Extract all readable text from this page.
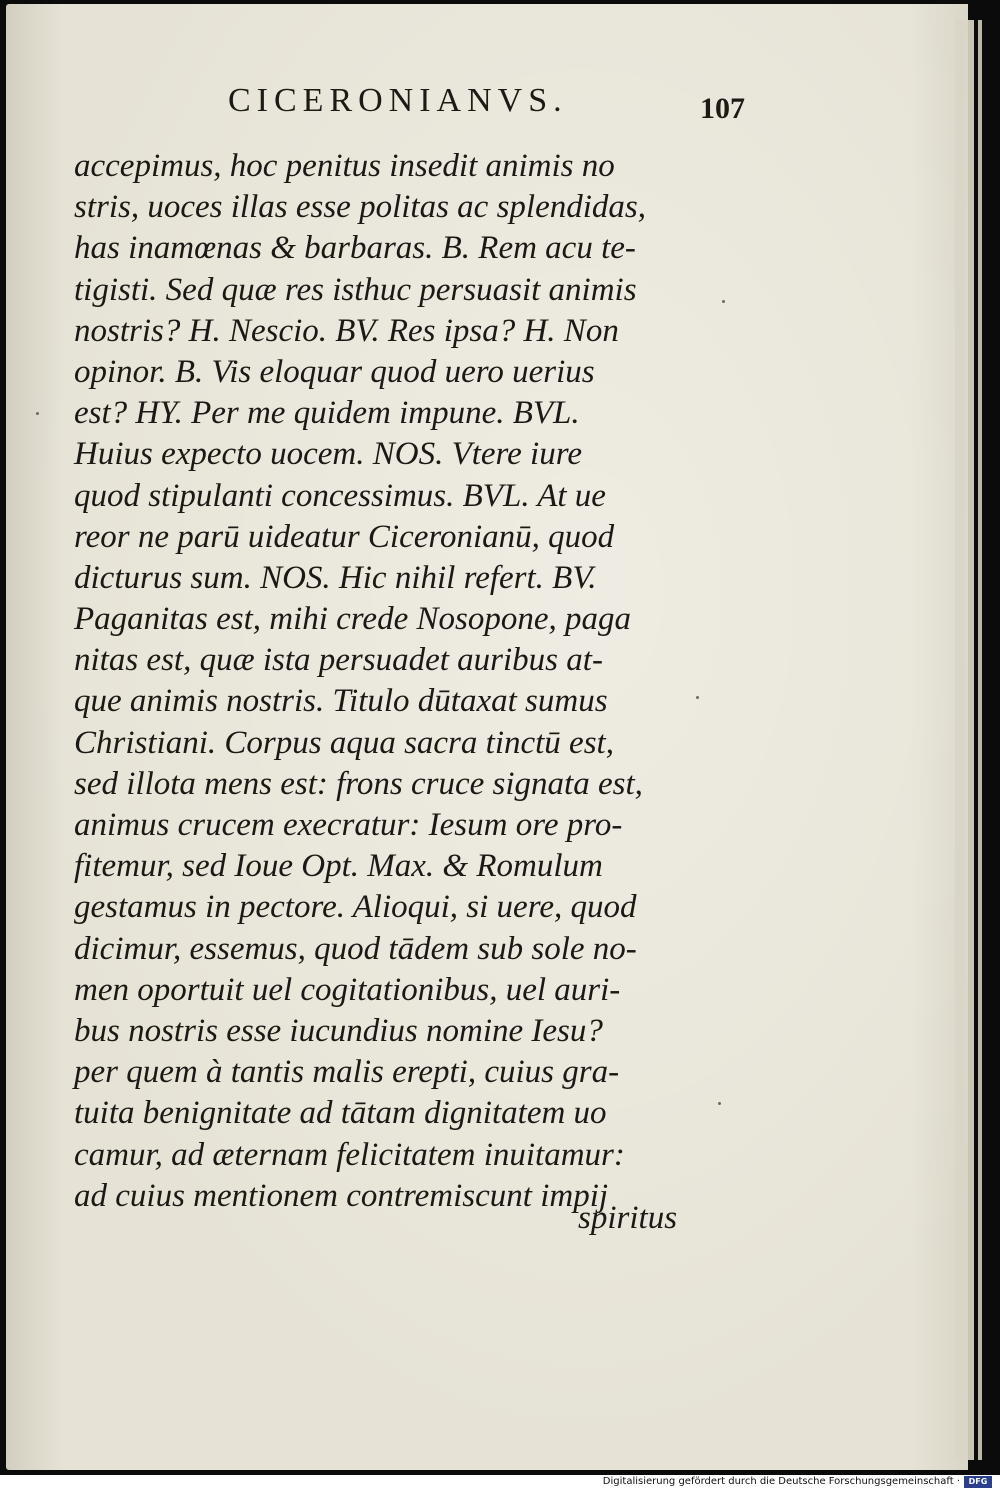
CICERONIANVS.	107
accepimus, hoc penitus insedit animis no
stris, uoces illas esse politas ac splendidas,
has inamœnas & barbaras. B. Rem acu te-
tigisti. Sed quæ res isthuc persuasit animis
nostris? H. Nescio. BV. Res ipsa? H. Non
opinor. B. Vis eloquar quod uero uerius
est? HY. Per me quidem impune. BVL.
Huius expecto uocem. NOS. Vtere iure
quod stipulanti concessimus. BVL. At ue
reor ne parū uideatur Ciceronianū, quod
dicturus sum. NOS. Hic nihil refert. BV.
Paganitas est, mihi crede Nosopone, paga
nitas est, quæ ista persuadet auribus at-
que animis nostris. Titulo dūtaxat sumus
Christiani. Corpus aqua sacra tinctū est,
sed illota mens est: frons cruce signata est,
animus crucem execratur: Iesum ore pro-
fitemur, sed Ioue Opt. Max. & Romulum
gestamus in pectore. Alioqui, si uere, quod
dicimur, essemus, quod tādem sub sole no-
men oportuit uel cogitationibus, uel auri-
bus nostris esse iucundius nomine Iesu?
per quem à tantis malis erepti, cuius gra-
tuita benignitate ad tātam dignitatem uo
camur, ad æternam felicitatem inuitamur:
ad cuius mentionem contremiscunt impij
spiritus
Digitalisierung gefördert durch die Deutsche Forschungsgemeinschaft ·	DFG
